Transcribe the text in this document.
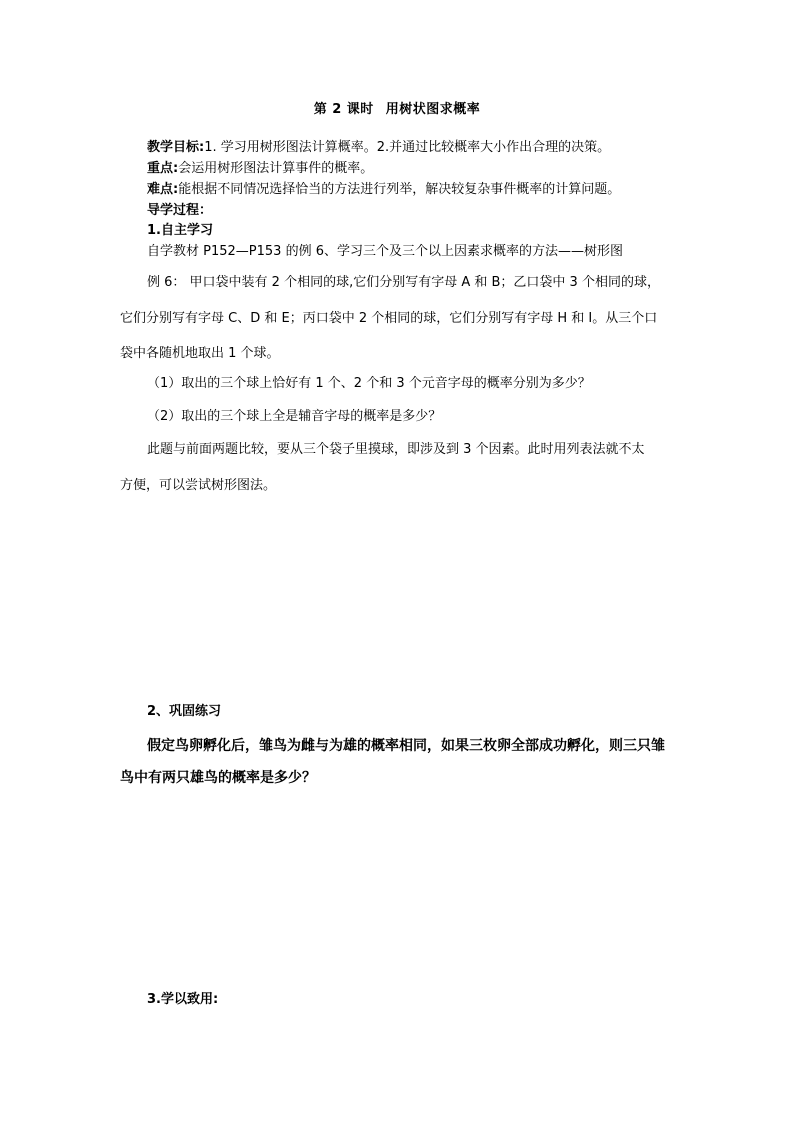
第 2 课时 用树状图求概率
教学目标:1. 学习用树形图法计算概率。2.并通过比较概率大小作出合理的决策。
重点:会运用树形图法计算事件的概率。
难点:能根据不同情况选择恰当的方法进行列举，解决较复杂事件概率的计算问题。
导学过程：
1.自主学习
自学教材 P152—P153 的例 6、学习三个及三个以上因素求概率的方法——树形图
例 6： 甲口袋中装有 2 个相同的球,它们分别写有字母 A 和 B；乙口袋中 3 个相同的球，
它们分别写有字母 C、D 和 E；丙口袋中 2 个相同的球，它们分别写有字母 H 和 I。从三个口
袋中各随机地取出 1 个球。
（1）取出的三个球上恰好有 1 个、2 个和 3 个元音字母的概率分别为多少？
（2）取出的三个球上全是辅音字母的概率是多少？
此题与前面两题比较，要从三个袋子里摸球，即涉及到 3 个因素。此时用列表法就不太
方便，可以尝试树形图法。
2、巩固练习
假定鸟卵孵化后，雏鸟为雌与为雄的概率相同，如果三枚卵全部成功孵化，则三只雏
鸟中有两只雄鸟的概率是多少？
3.学以致用:
